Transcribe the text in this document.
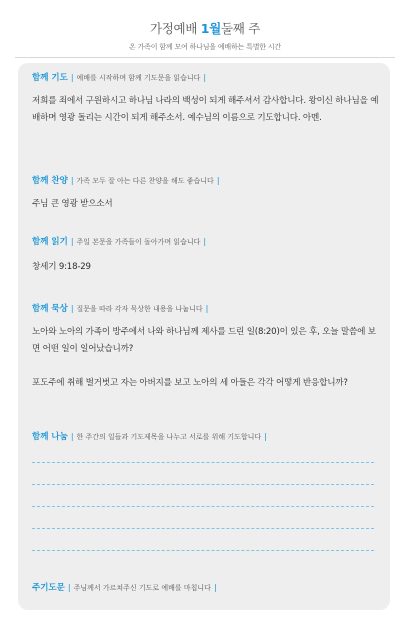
가정예배 1월둘째 주
온 가족이 함께 모여 하나님을 예배하는 특별한 시간
함께 기도 | 예배를 시작하며 함께 기도문을 읽습니다 |
저희를 죄에서 구원하시고 하나님 나라의 백성이 되게 해주셔서 감사합니다. 왕이신 하나님을 예배하며 영광 돌리는 시간이 되게 해주소서. 예수님의 이름으로 기도합니다. 아멘.
함께 찬양 | 가족 모두 잘 아는 다른 찬양을 해도 좋습니다 |
주님 큰 영광 받으소서
함께 읽기 | 주일 본문을 가족들이 돌아가며 읽습니다 |
창세기 9:18-29
함께 묵상 | 질문을 따라 각자 묵상한 내용을 나눕니다 |
노아와 노아의 가족이 방주에서 나와 하나님께 제사를 드린 일(8:20)이 있은 후, 오늘 말씀에 보면 어떤 일이 일어났습니까?
포도주에 취해 벌거벗고 자는 아버지를 보고 노아의 세 아들은 각각 어떻게 반응합니까?
함께 나눔 | 한 주간의 일들과 기도제목을 나누고 서로를 위해 기도합니다 |
주기도문 | 주님께서 가르쳐주신 기도로 예배를 마칩니다 |
